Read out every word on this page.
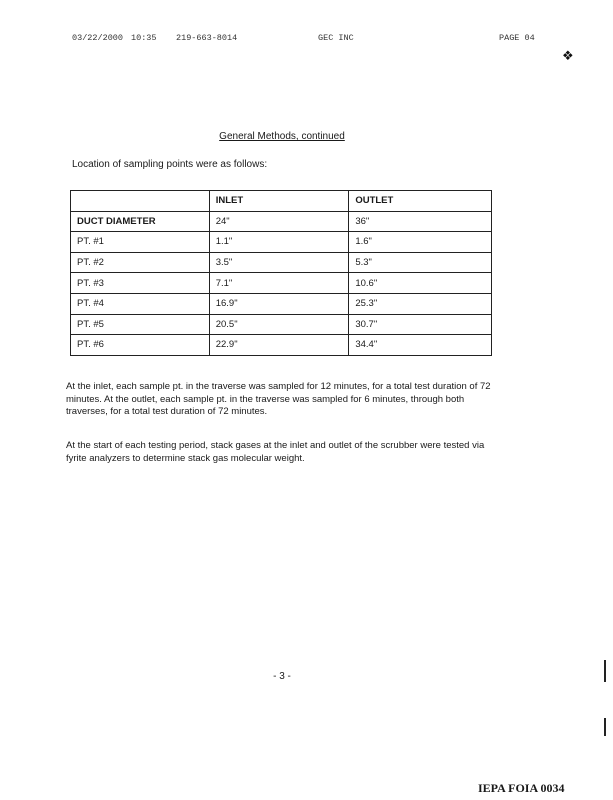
03/22/2000 10:35 219-663-8014	GEC INC	PAGE 04
❖
General Methods, continued
Location of sampling points were as follows:
	INLET	OUTLET
DUCT DIAMETER	24"	36"
PT. #1	1.1"	1.6"
PT. #2	3.5"	5.3"
PT. #3	7.1"	10.6"
PT. #4	16.9"	25.3"
PT. #5	20.5"	30.7"
PT. #6	22.9"	34.4"

At the inlet, each sample pt. in the traverse was sampled for 12 minutes, for a total test duration of 72 minutes. At the outlet, each sample pt. in the traverse was sampled for 6 minutes, through both traverses, for a total test duration of 72 minutes.

At the start of each testing period, stack gases at the inlet and outlet of the scrubber were tested via fyrite analyzers to determine stack gas molecular weight.

- 3 -
IEPA FOIA 0034
